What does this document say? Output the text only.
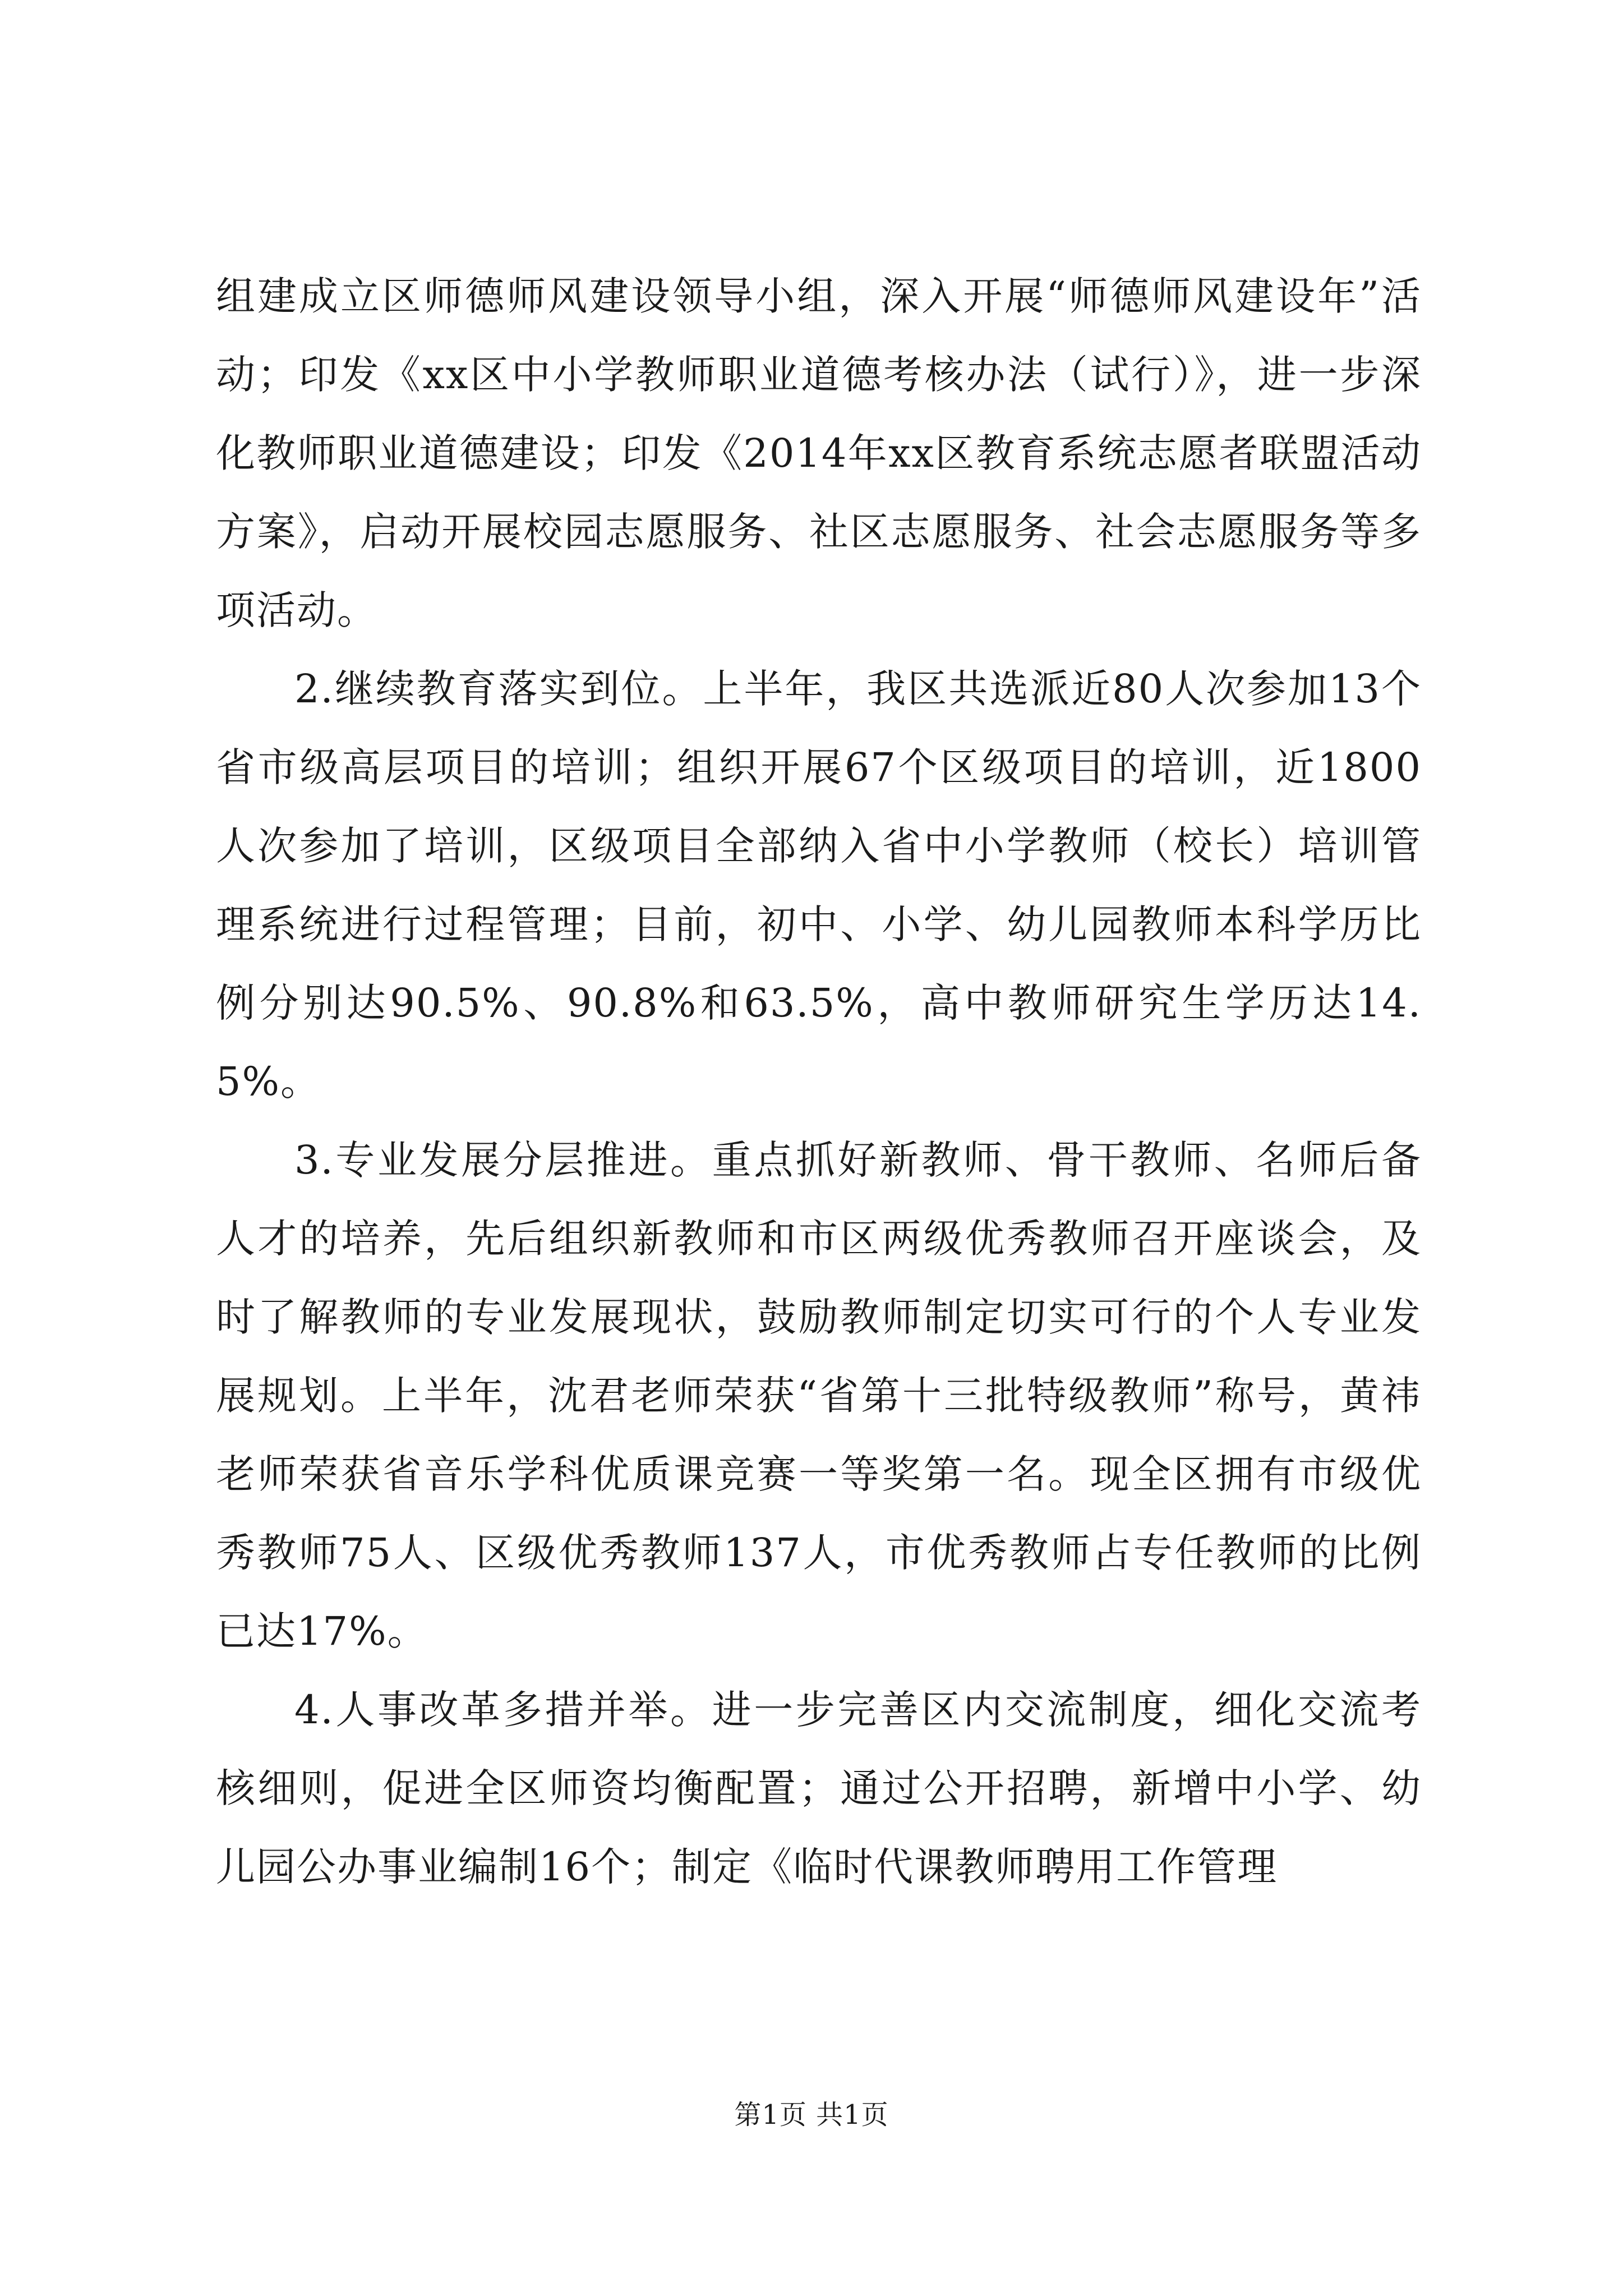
组建成立区师德师风建设领导小组，深入开展“师德师风建设年”活动；印发《xx区中小学教师职业道德考核办法（试行）》，进一步深化教师职业道德建设；印发《2014年xx区教育系统志愿者联盟活动方案》，启动开展校园志愿服务、社区志愿服务、社会志愿服务等多项活动。

2.继续教育落实到位。上半年，我区共选派近80人次参加13个省市级高层项目的培训；组织开展67个区级项目的培训，近1800人次参加了培训，区级项目全部纳入省中小学教师（校长）培训管理系统进行过程管理；目前，初中、小学、幼儿园教师本科学历比例分别达90.5%、90.8%和63.5%，高中教师研究生学历达14.5%。

3.专业发展分层推进。重点抓好新教师、骨干教师、名师后备人才的培养，先后组织新教师和市区两级优秀教师召开座谈会，及时了解教师的专业发展现状，鼓励教师制定切实可行的个人专业发展规划。上半年，沈君老师荣获“省第十三批特级教师”称号，黄祎老师荣获省音乐学科优质课竞赛一等奖第一名。现全区拥有市级优秀教师75人、区级优秀教师137人，市优秀教师占专任教师的比例已达17%。

4.人事改革多措并举。进一步完善区内交流制度，细化交流考核细则，促进全区师资均衡配置；通过公开招聘，新增中小学、幼儿园公办事业编制16个；制定《临时代课教师聘用工作管理

第1页 共1页
